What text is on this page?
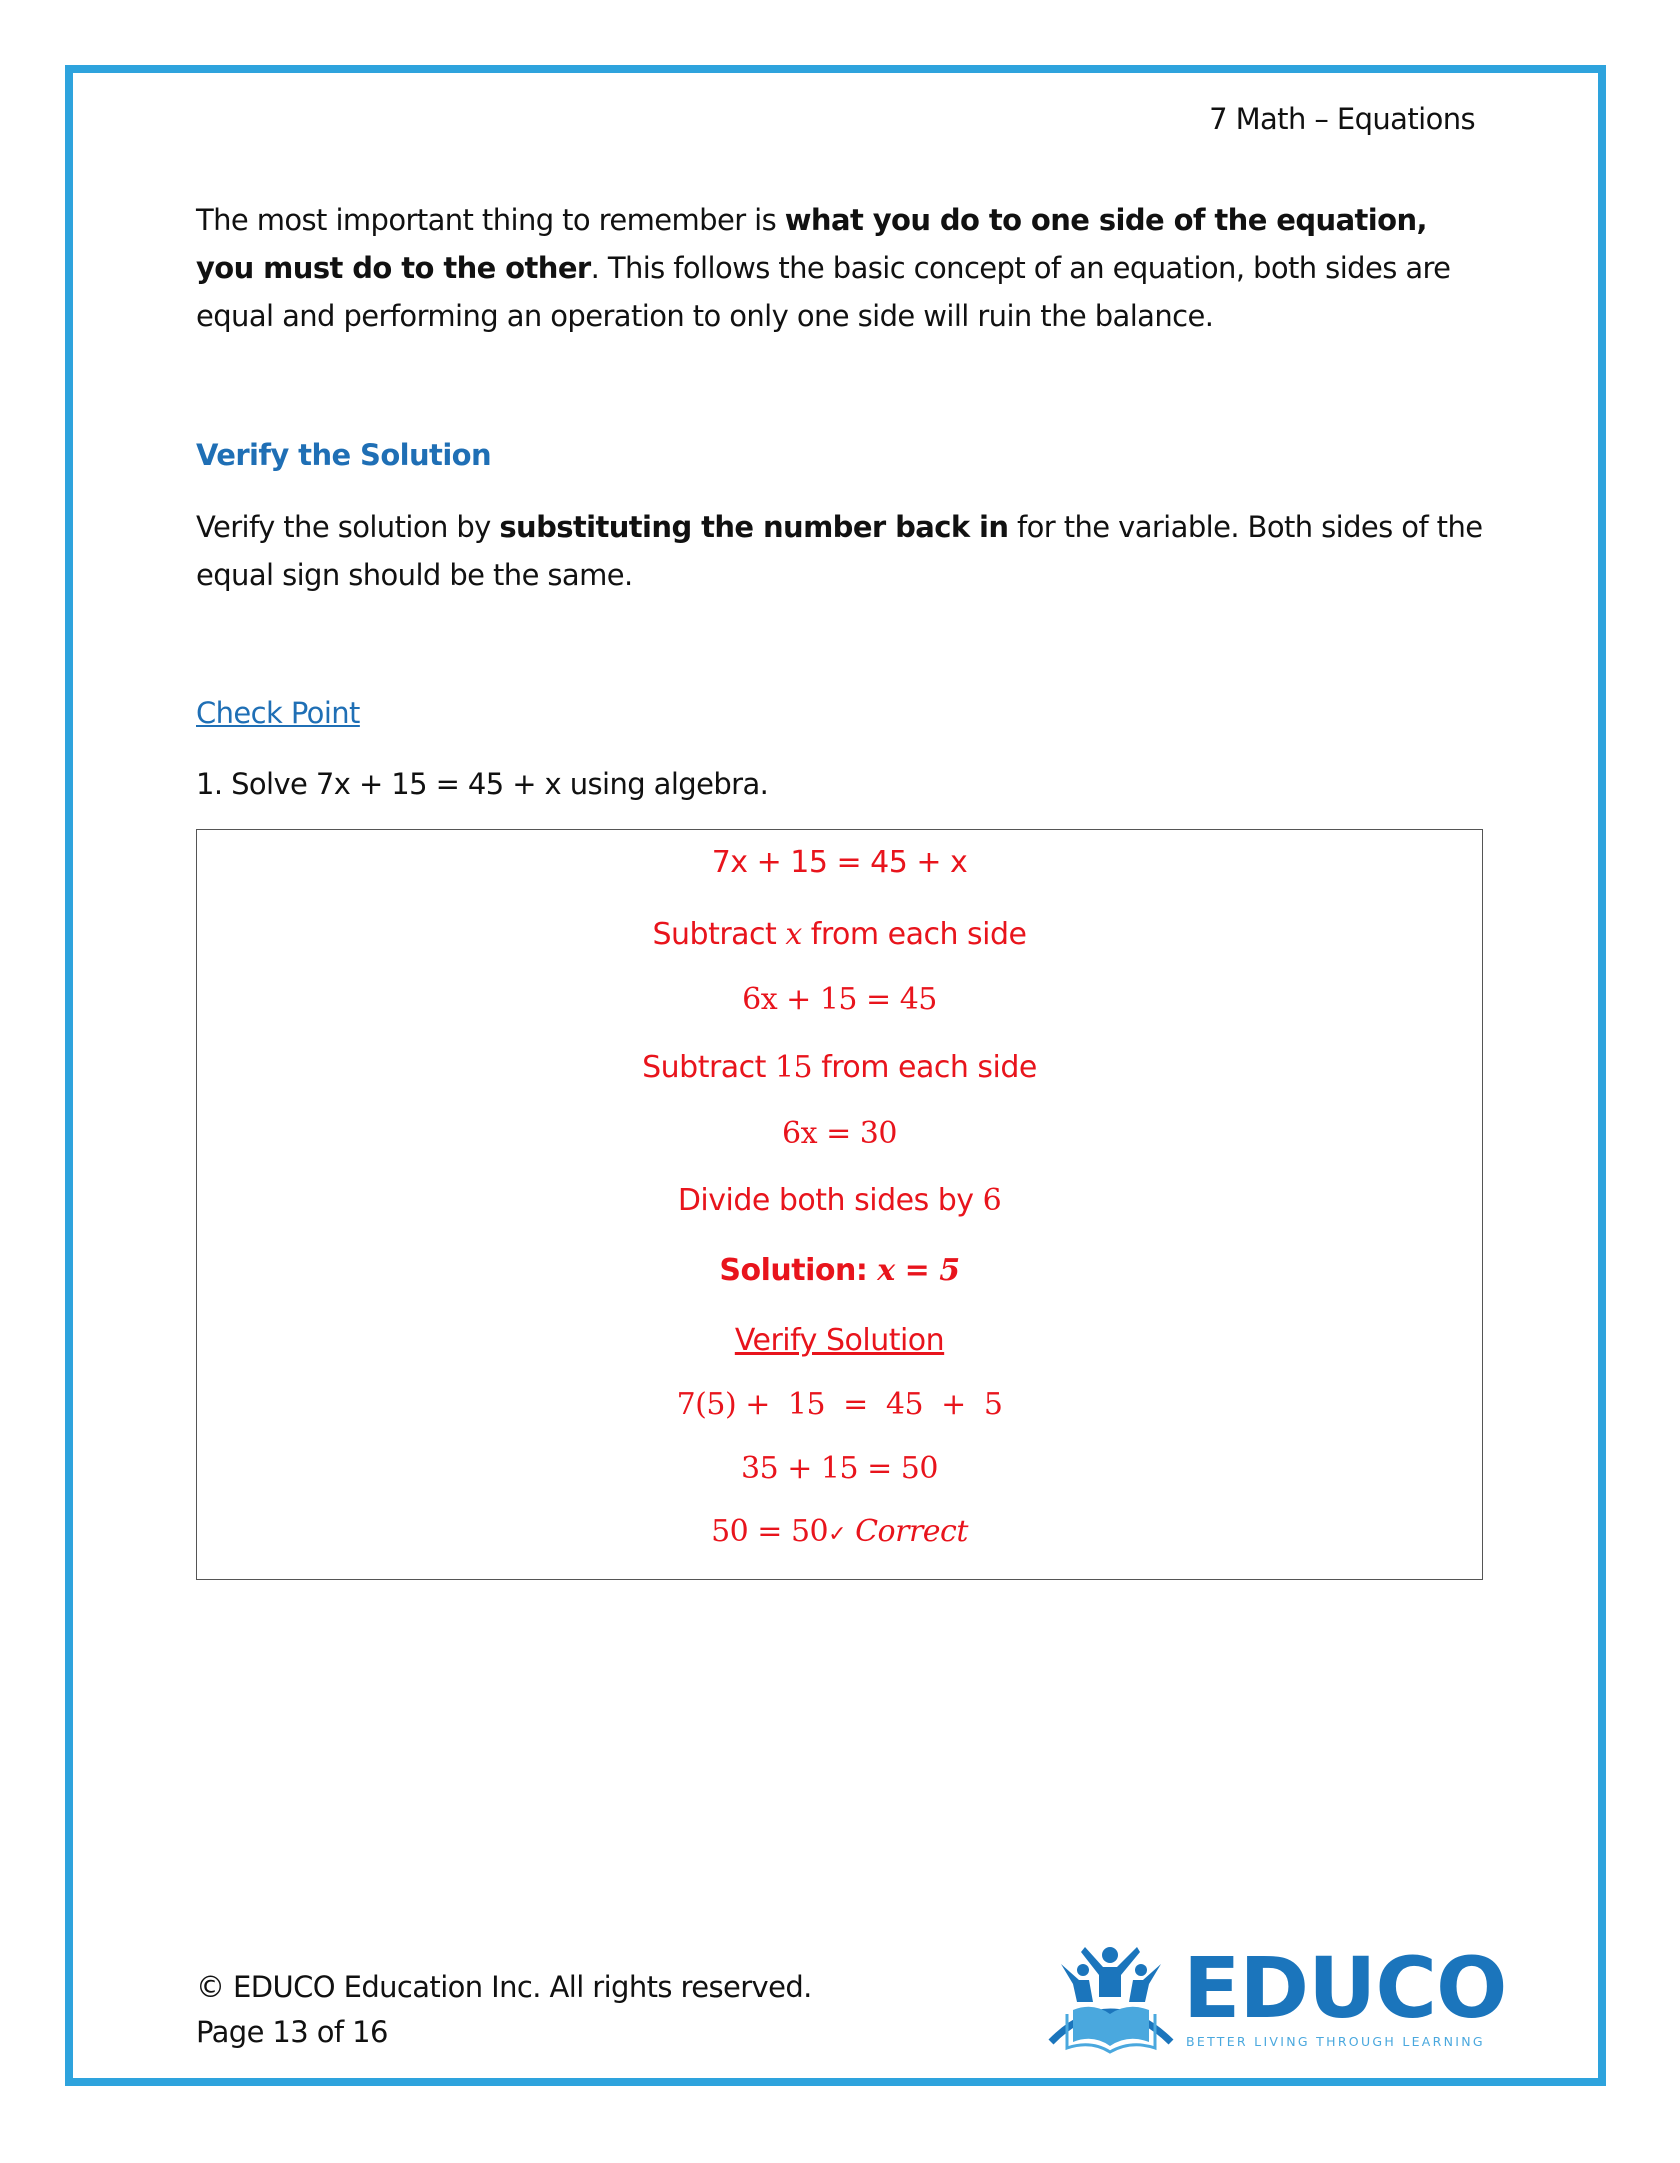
7 Math – Equations
The most important thing to remember is what you do to one side of the equation, you must do to the other. This follows the basic concept of an equation, both sides are equal and performing an operation to only one side will ruin the balance.
Verify the Solution
Verify the solution by substituting the number back in for the variable. Both sides of the equal sign should be the same.
Check Point
1. Solve 7x + 15 = 45 + x using algebra.
7x + 15 = 45 + x
Subtract x from each side
6x + 15 = 45
Subtract 15 from each side
6x = 30
Divide both sides by 6
Solution: x = 5
Verify Solution
7(5) +  15  =  45  +  5
35 + 15 = 50
50 = 50✓ Correct
© EDUCO Education Inc. All rights reserved.
Page 13 of 16	EDUCO
BETTER LIVING THROUGH LEARNING
